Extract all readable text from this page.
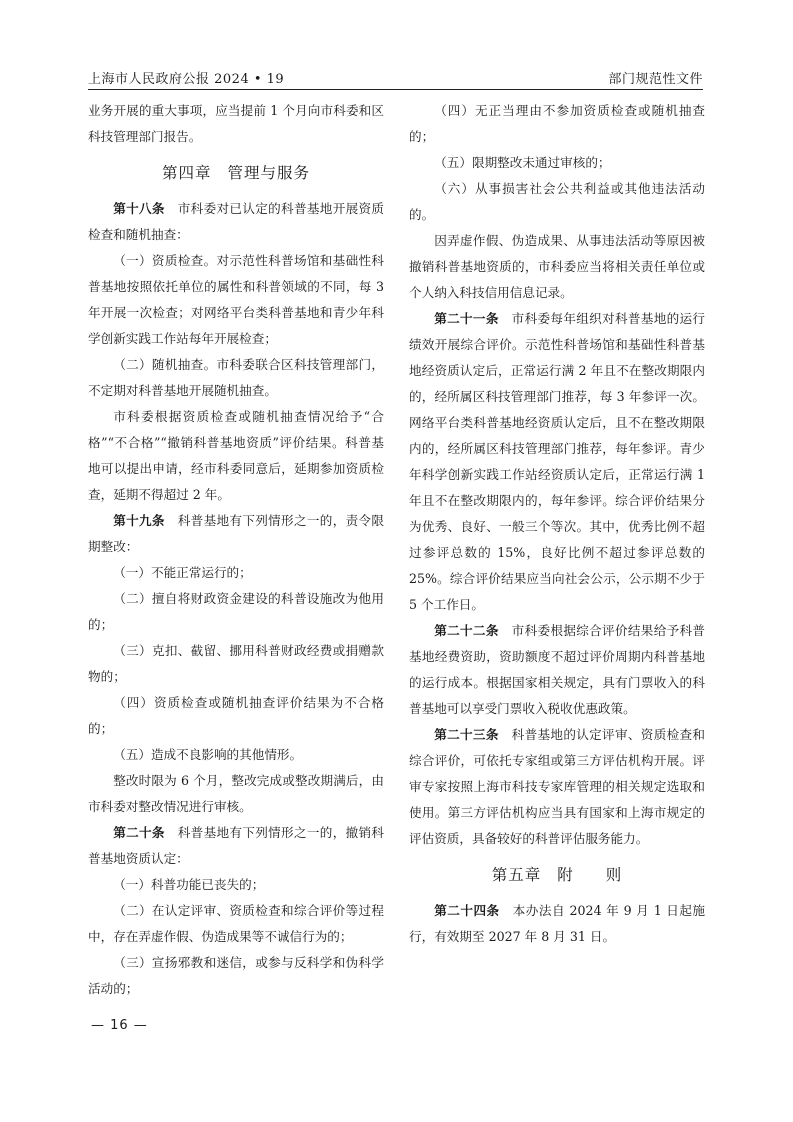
上海市人民政府公报 2024 • 19	部门规范性文件

业务开展的重大事项，应当提前 1 个月向市科委和区科技管理部门报告。

第四章 管理与服务

第十八条　 市科委对已认定的科普基地开展资质检查和随机抽查：

（一）资质检查。对示范性科普场馆和基础性科普基地按照依托单位的属性和科普领域的不同，每 3 年开展一次检查；对网络平台类科普基地和青少年科学创新实践工作站每年开展检查；

（二）随机抽查。市科委联合区科技管理部门，不定期对科普基地开展随机抽查。

市科委根据资质检查或随机抽查情况给予“合格”“不合格”“撤销科普基地资质”评价结果。科普基地可以提出申请，经市科委同意后，延期参加资质检查，延期不得超过 2 年。

第十九条　 科普基地有下列情形之一的，责令限期整改：

（一）不能正常运行的；

（二）擅自将财政资金建设的科普设施改为他用的；

（三）克扣、截留、挪用科普财政经费或捐赠款物的；

（四）资质检查或随机抽查评价结果为不合格的；

（五）造成不良影响的其他情形。

整改时限为 6 个月，整改完成或整改期满后，由市科委对整改情况进行审核。

第二十条　 科普基地有下列情形之一的，撤销科普基地资质认定：

（一）科普功能已丧失的；

（二）在认定评审、资质检查和综合评价等过程中，存在弄虚作假、伪造成果等不诚信行为的；

（三）宣扬邪教和迷信，或参与反科学和伪科学活动的；

（四）无正当理由不参加资质检查或随机抽查的；

（五）限期整改未通过审核的；

（六）从事损害社会公共利益或其他违法活动的。

因弄虚作假、伪造成果、从事违法活动等原因被撤销科普基地资质的，市科委应当将相关责任单位或个人纳入科技信用信息记录。

第二十一条　 市科委每年组织对科普基地的运行绩效开展综合评价。示范性科普场馆和基础性科普基地经资质认定后，正常运行满 2 年且不在整改期限内的，经所属区科技管理部门推荐，每 3 年参评一次。网络平台类科普基地经资质认定后，且不在整改期限内的，经所属区科技管理部门推荐，每年参评。青少年科学创新实践工作站经资质认定后，正常运行满 1 年且不在整改期限内的，每年参评。综合评价结果分为优秀、良好、一般三个等次。其中，优秀比例不超过参评总数的 15%，良好比例不超过参评总数的 25%。综合评价结果应当向社会公示，公示期不少于 5 个工作日。

第二十二条　 市科委根据综合评价结果给予科普基地经费资助，资助额度不超过评价周期内科普基地的运行成本。根据国家相关规定，具有门票收入的科普基地可以享受门票收入税收优惠政策。

第二十三条　 科普基地的认定评审、资质检查和综合评价，可依托专家组或第三方评估机构开展。评审专家按照上海市科技专家库管理的相关规定选取和使用。第三方评估机构应当具有国家和上海市规定的评估资质，具备较好的科普评估服务能力。

第五章 附 则

第二十四条　 本办法自 2024 年 9 月 1 日起施行，有效期至 2027 年 8 月 31 日。

— 16 —
